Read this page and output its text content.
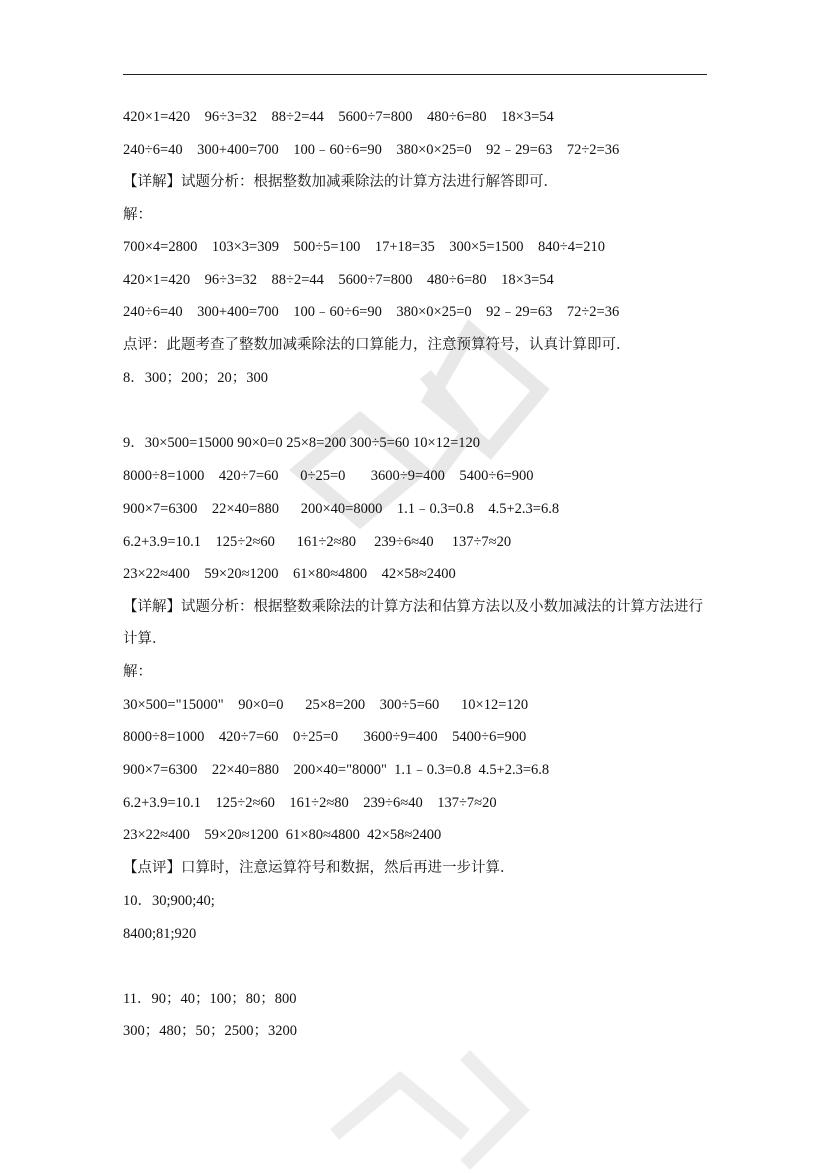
420×1=420    96÷3=32    88÷2=44    5600÷7=800    480÷6=80    18×3=54
240÷6=40    300+400=700    100﹣60÷6=90    380×0×25=0    92﹣29=63    72÷2=36
【详解】试题分析：根据整数加减乘除法的计算方法进行解答即可．
解：
700×4=2800    103×3=309    500÷5=100    17+18=35    300×5=1500    840÷4=210
420×1=420    96÷3=32    88÷2=44    5600÷7=800    480÷6=80    18×3=54
240÷6=40    300+400=700    100﹣60÷6=90    380×0×25=0    92﹣29=63    72÷2=36
点评：此题考查了整数加减乘除法的口算能力，注意预算符号，认真计算即可．
8．300；200；20；300
9．30×500=15000 90×0=0 25×8=200 300÷5=60 10×12=120
8000÷8=1000    420÷7=60      0÷25=0       3600÷9=400    5400÷6=900
900×7=6300    22×40=880      200×40=8000    1.1﹣0.3=0.8    4.5+2.3=6.8
6.2+3.9=10.1    125÷2≈60      161÷2≈80     239÷6≈40     137÷7≈20
23×22≈400    59×20≈1200    61×80≈4800    42×58≈2400
【详解】试题分析：根据整数乘除法的计算方法和估算方法以及小数加减法的计算方法进行
计算．
解：
30×500="15000"    90×0=0      25×8=200    300÷5=60      10×12=120
8000÷8=1000    420÷7=60    0÷25=0       3600÷9=400    5400÷6=900
900×7=6300    22×40=880    200×40="8000"  1.1﹣0.3=0.8  4.5+2.3=6.8
6.2+3.9=10.1    125÷2≈60    161÷2≈80    239÷6≈40    137÷7≈20
23×22≈400    59×20≈1200  61×80≈4800  42×58≈2400
【点评】口算时，注意运算符号和数据，然后再进一步计算．
10．30;900;40;
8400;81;920
11．90；40；100；80；800
300；480；50；2500；3200
